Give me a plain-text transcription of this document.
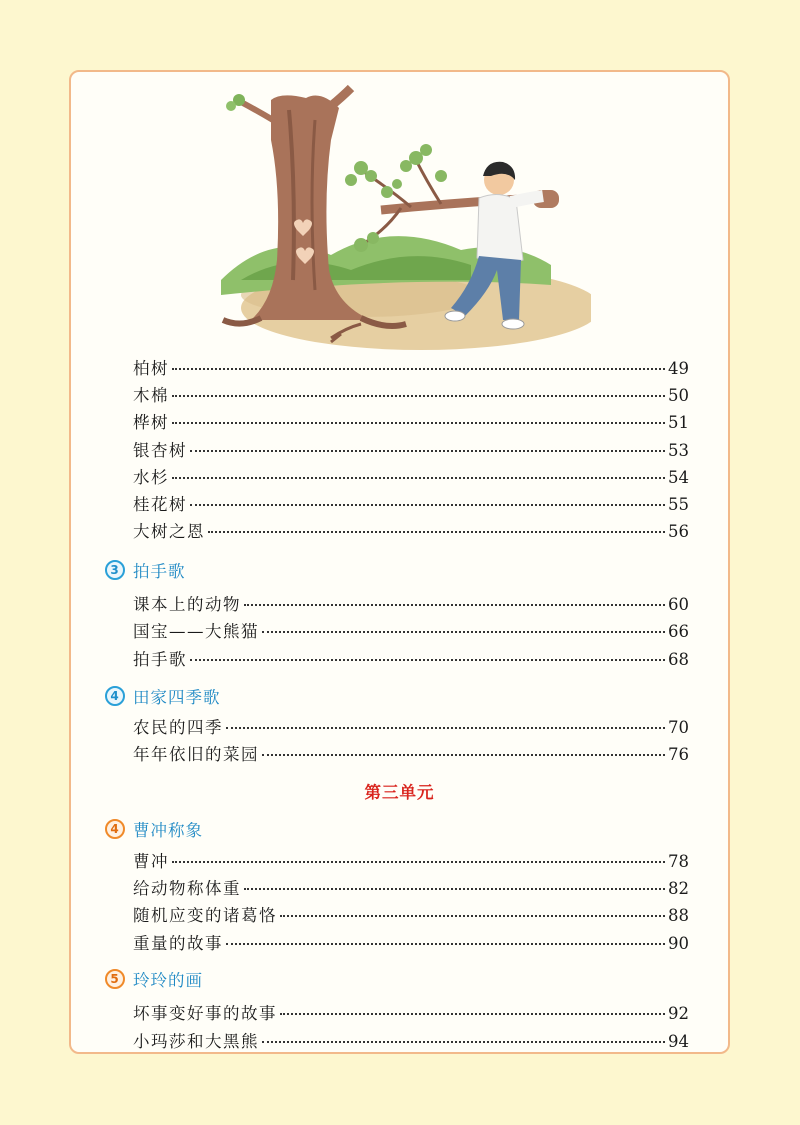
柏树	49
木棉	50
桦树	51
银杏树	53
水杉	54
桂花树	55
大树之恩	56
3 拍手歌
课本上的动物	60
国宝——大熊猫	66
拍手歌	68
4 田家四季歌
农民的四季	70
年年依旧的菜园	76
第三单元
4 曹冲称象
曹冲	78
给动物称体重	82
随机应变的诸葛恪	88
重量的故事	90
5 玲玲的画
坏事变好事的故事	92
小玛莎和大黑熊	94
